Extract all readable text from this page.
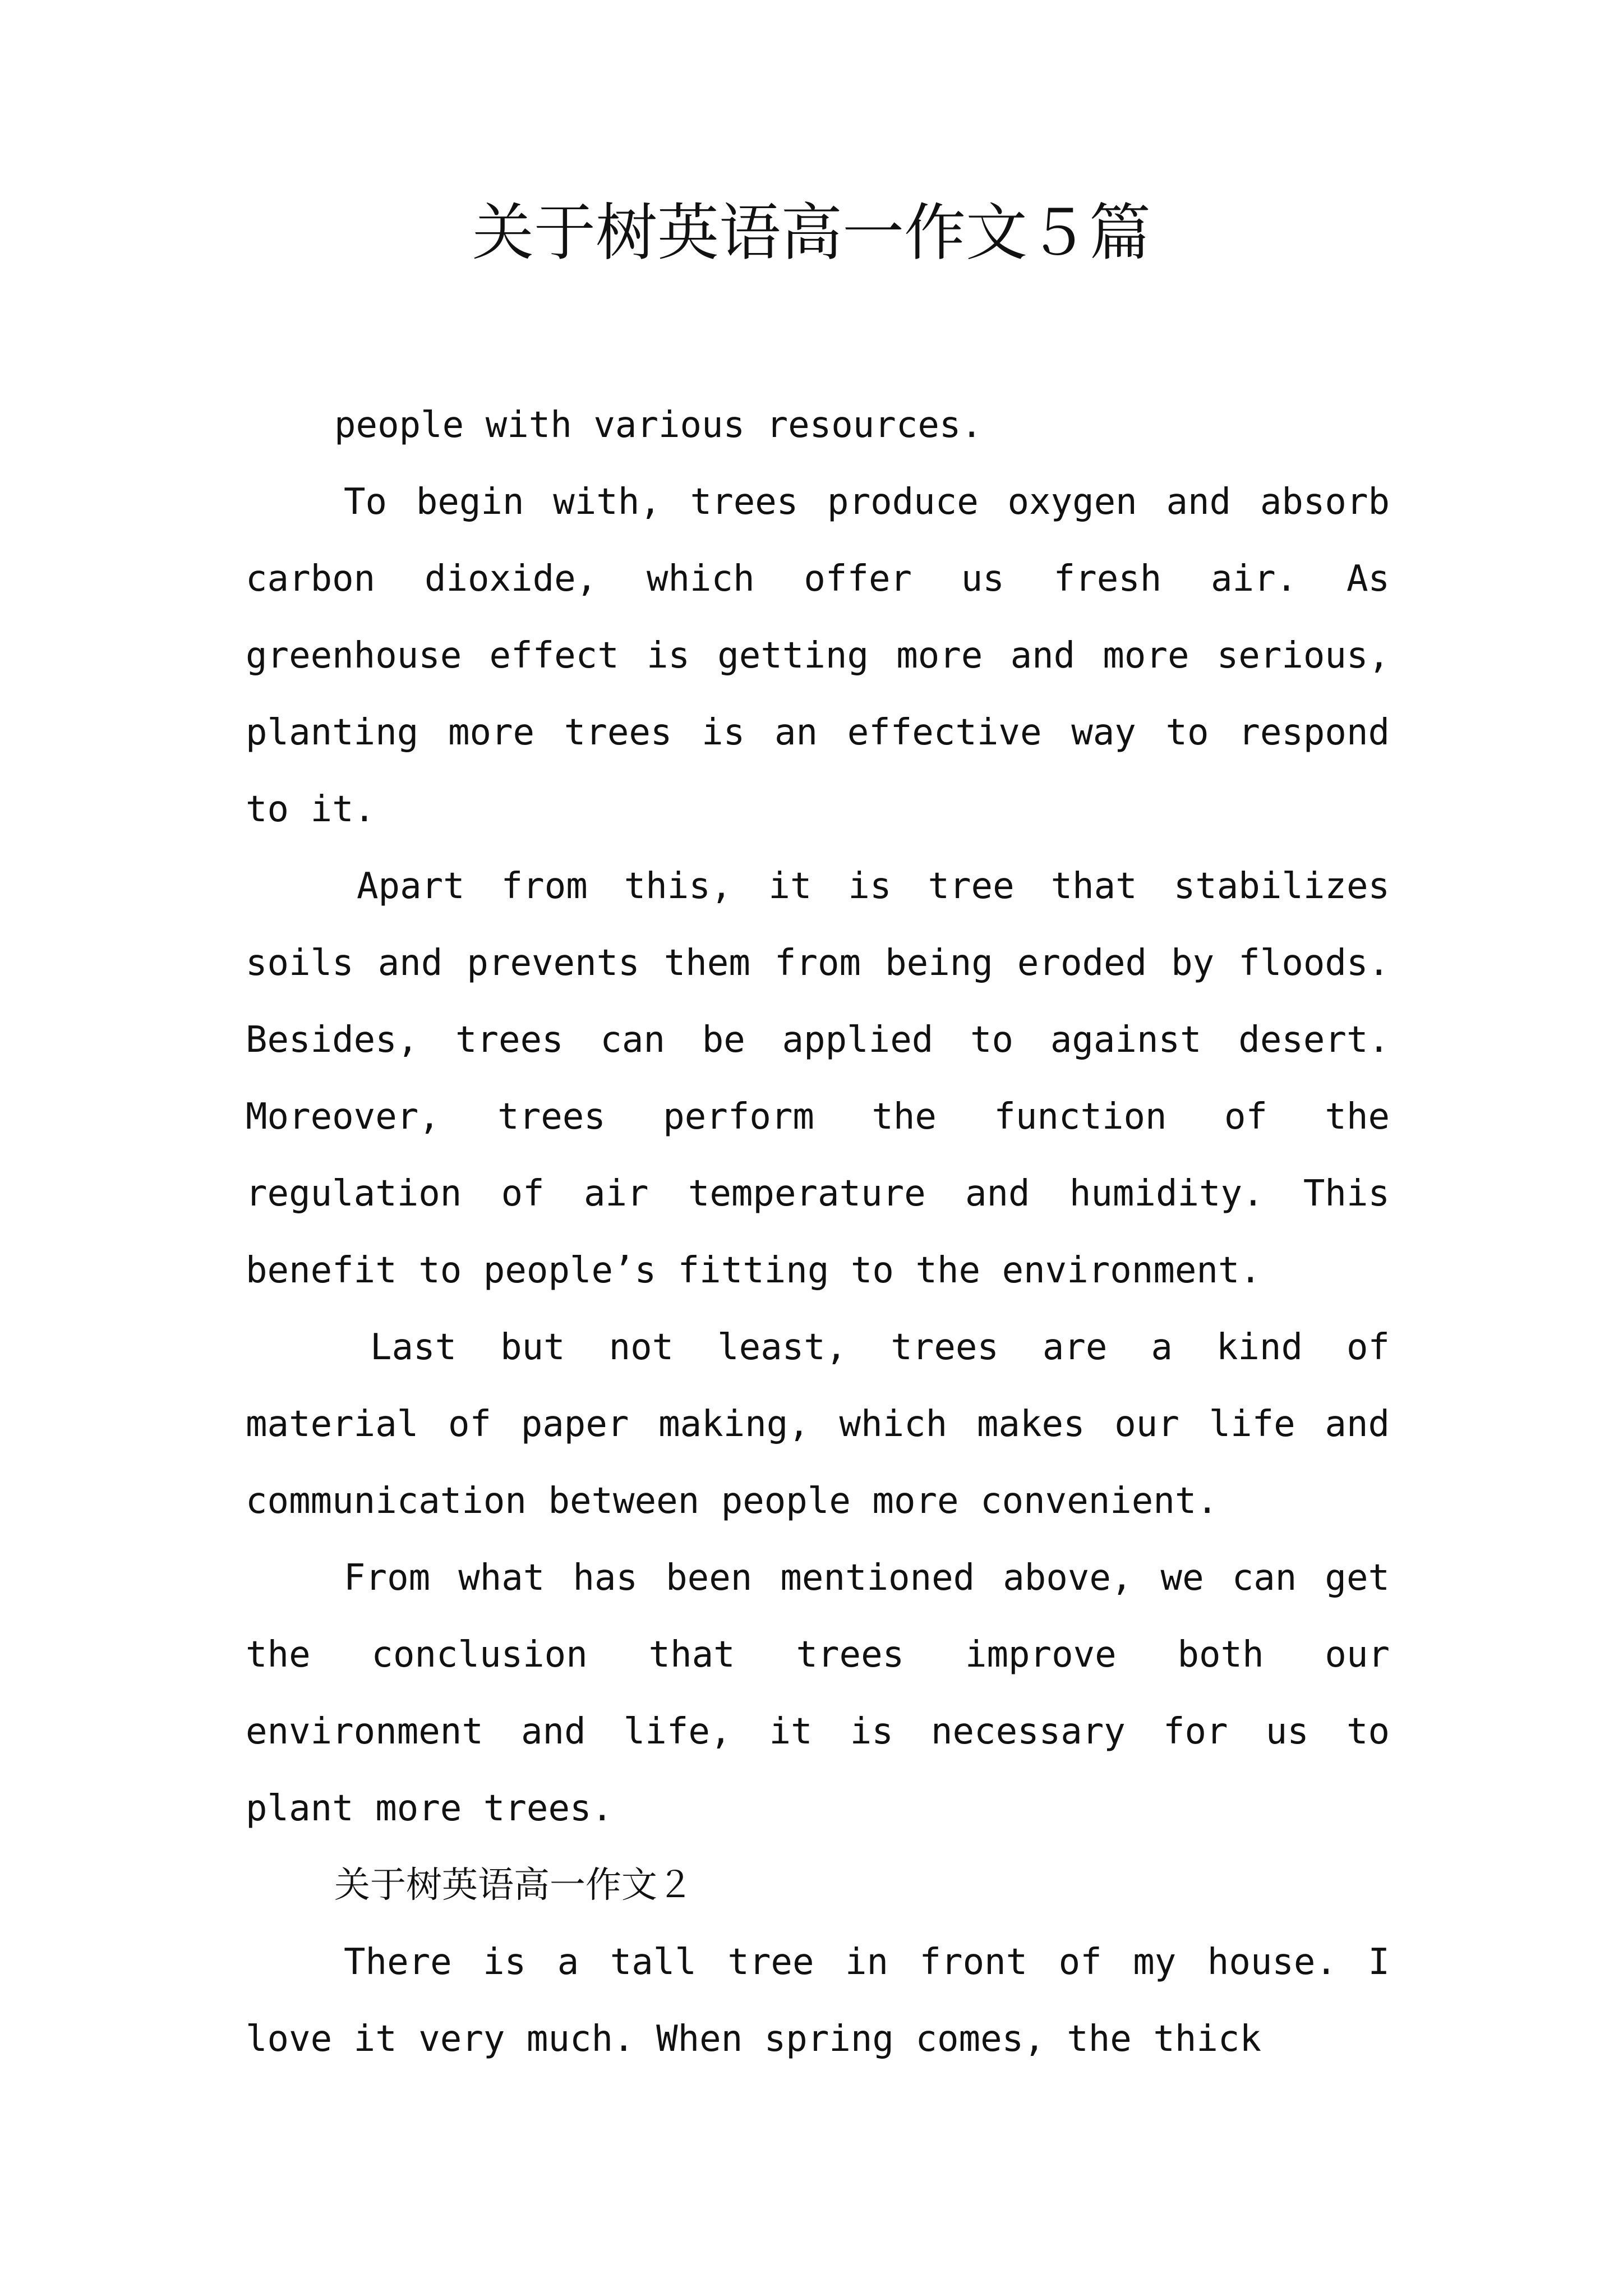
关于树英语高一作文５篇

people with various resources.

To begin with, trees produce oxygen and absorb carbon dioxide, which offer us fresh air. As greenhouse effect is getting more and more serious, planting more trees is an effective way to respond to it.

Apart from this, it is tree that stabilizes soils and prevents them from being eroded by floods. Besides, trees can be applied to against desert. Moreover, trees perform the function of the regulation of air temperature and humidity. This benefit to people’s fitting to the environment.

Last but not least, trees are a kind of material of paper making, which makes our life and communication between people more convenient.

From what has been mentioned above, we can get the conclusion that trees improve both our environment and life, it is necessary for us to plant more trees.

关于树英语高一作文２

There is a tall tree in front of my house. I love it very much. When spring comes, the thick
